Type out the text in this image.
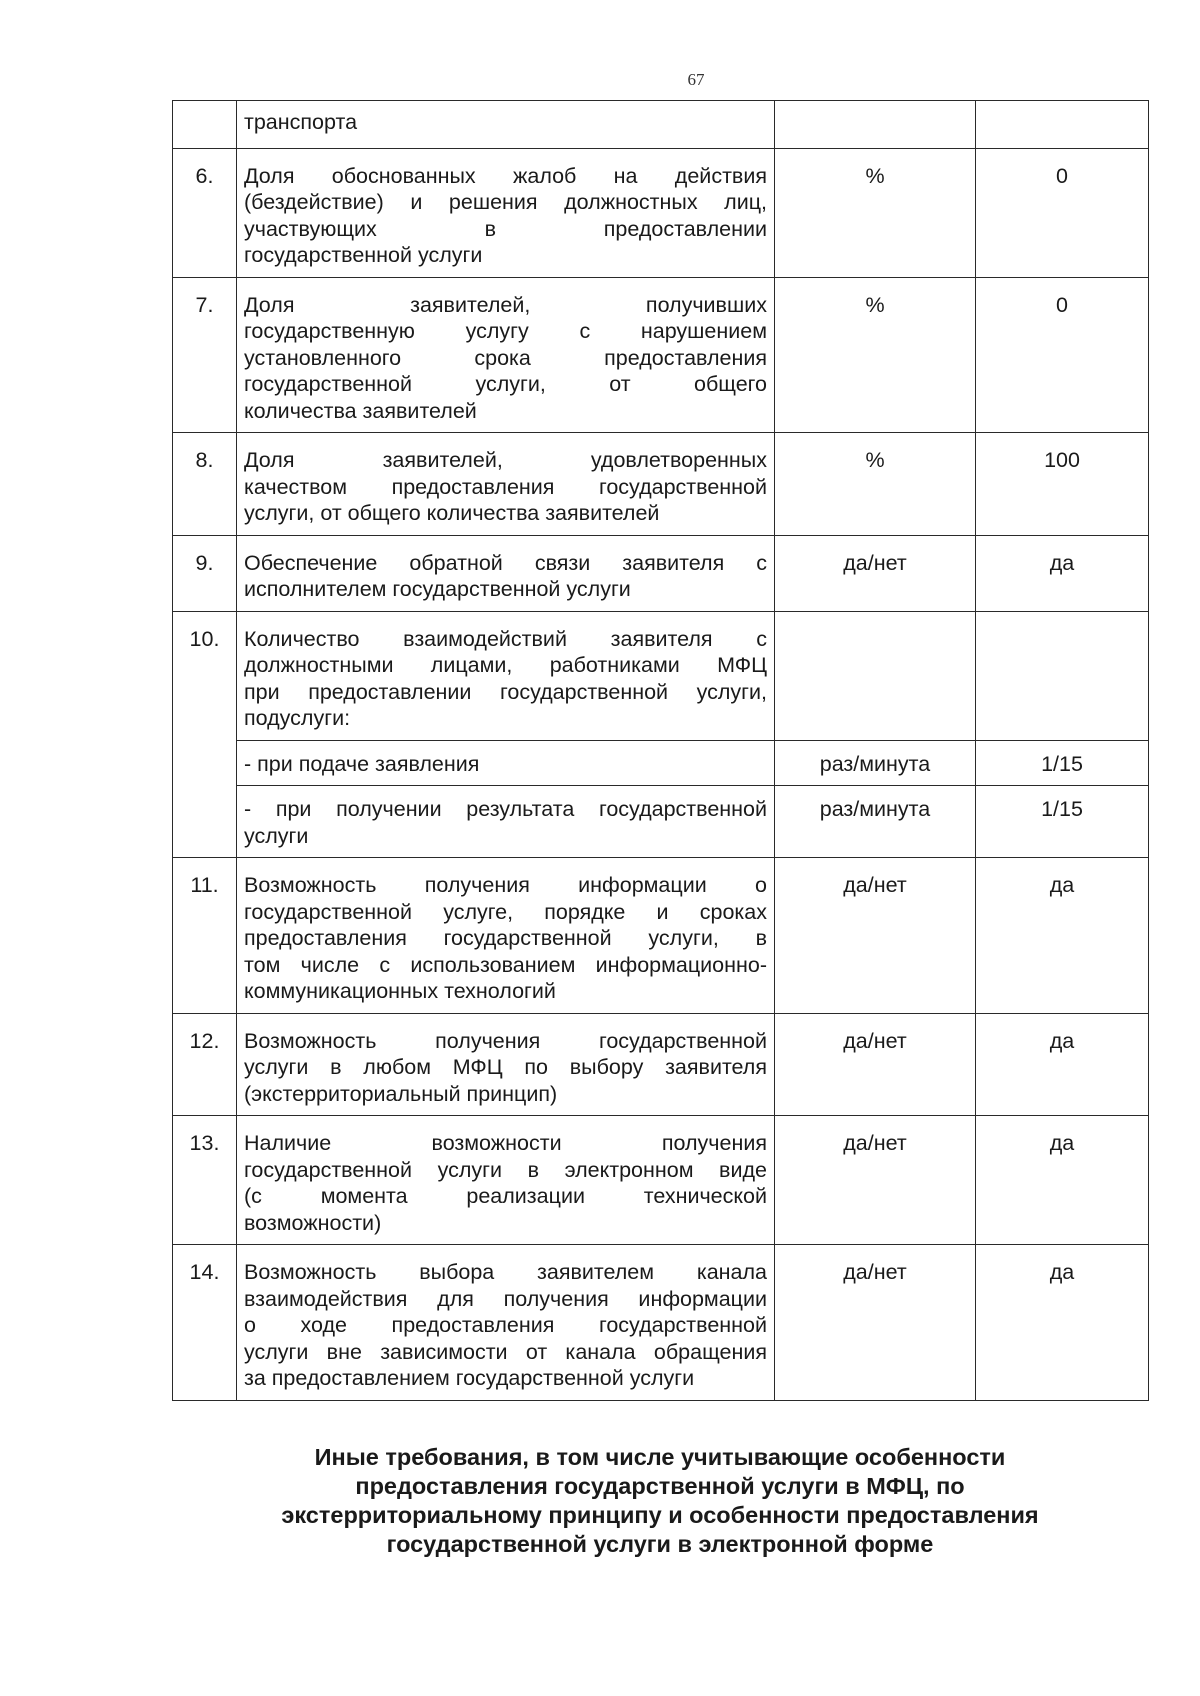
67

	транспорта		

6.	Доля обоснованных жалоб на действия
(бездействие) и решения должностных лиц,
участвующих в предоставлении
государственной услуги	%	0
7.	Доля заявителей, получивших
государственную услугу с нарушением
установленного срока предоставления
государственной услуги, от общего
количества заявителей	%	0
8.	Доля заявителей, удовлетворенных
качеством предоставления государственной
услуги, от общего количества заявителей	%	100
9.	Обеспечение обратной связи заявителя с
исполнителем государственной услуги	да/нет	да
10.	Количество взаимодействий заявителя с
должностными лицами, работниками МФЦ
при предоставлении государственной услуги,
подуслуги:		

	- при подаче заявления	раз/минута	1/15

	- при получении результата государственной
услуги	раз/минута	1/15
11.	Возможность получения информации о
государственной услуге, порядке и сроках
предоставления государственной услуги, в
том числе с использованием информационно-
коммуникационных технологий	да/нет	да
12.	Возможность получения государственной
услуги в любом МФЦ по выбору заявителя
(экстерриториальный принцип)	да/нет	да
13.	Наличие возможности получения
государственной услуги в электронном виде
(с момента реализации технической
возможности)	да/нет	да
14.	Возможность выбора заявителем канала
взаимодействия для получения информации
о ходе предоставления государственной
услуги вне зависимости от канала обращения
за предоставлением государственной услуги	да/нет	да
Иные требования, в том числе учитывающие особенности
предоставления государственной услуги в МФЦ, по
экстерриториальному принципу и особенности предоставления
государственной услуги в электронной форме
